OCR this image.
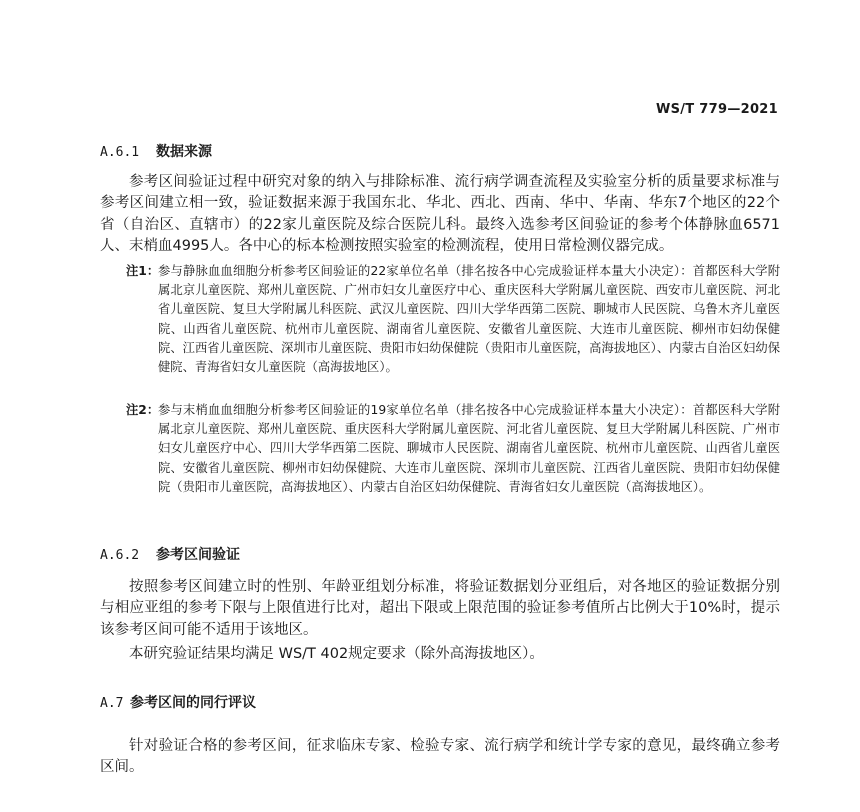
WS/T 779—2021
A.6.1 数据来源

参考区间验证过程中研究对象的纳入与排除标准、流行病学调查流程及实验室分析的质量要求标准与参考区间建立相一致，验证数据来源于我国东北、华北、西北、西南、华中、华南、华东7个地区的22个省（自治区、直辖市）的22家儿童医院及综合医院儿科。最终入选参考区间验证的参考个体静脉血6571人、末梢血4995人。各中心的标本检测按照实验室的检测流程，使用日常检测仪器完成。

注1：
参与静脉血血细胞分析参考区间验证的22家单位名单（排名按各中心完成验证样本量大小决定）：首都医科大学附属北京儿童医院、郑州儿童医院、广州市妇女儿童医疗中心、重庆医科大学附属儿童医院、西安市儿童医院、河北省儿童医院、复旦大学附属儿科医院、武汉儿童医院、四川大学华西第二医院、聊城市人民医院、乌鲁木齐儿童医院、山西省儿童医院、杭州市儿童医院、湖南省儿童医院、安徽省儿童医院、大连市儿童医院、柳州市妇幼保健院、江西省儿童医院、深圳市儿童医院、贵阳市妇幼保健院（贵阳市儿童医院，高海拔地区）、内蒙古自治区妇幼保健院、青海省妇女儿童医院（高海拔地区）。
注2：
参与末梢血血细胞分析参考区间验证的19家单位名单（排名按各中心完成验证样本量大小决定）：首都医科大学附属北京儿童医院、郑州儿童医院、重庆医科大学附属儿童医院、河北省儿童医院、复旦大学附属儿科医院、广州市妇女儿童医疗中心、四川大学华西第二医院、聊城市人民医院、湖南省儿童医院、杭州市儿童医院、山西省儿童医院、安徽省儿童医院、柳州市妇幼保健院、大连市儿童医院、深圳市儿童医院、江西省儿童医院、贵阳市妇幼保健院（贵阳市儿童医院，高海拔地区）、内蒙古自治区妇幼保健院、青海省妇女儿童医院（高海拔地区）。
A.6.2 参考区间验证

按照参考区间建立时的性别、年龄亚组划分标准，将验证数据划分亚组后，对各地区的验证数据分别与相应亚组的参考下限与上限值进行比对，超出下限或上限范围的验证参考值所占比例大于10%时，提示该参考区间可能不适用于该地区。

本研究验证结果均满足 WS/T 402规定要求（除外高海拔地区）。

A.7 参考区间的同行评议

针对验证合格的参考区间，征求临床专家、检验专家、流行病学和统计学专家的意见，最终确立参考区间。
